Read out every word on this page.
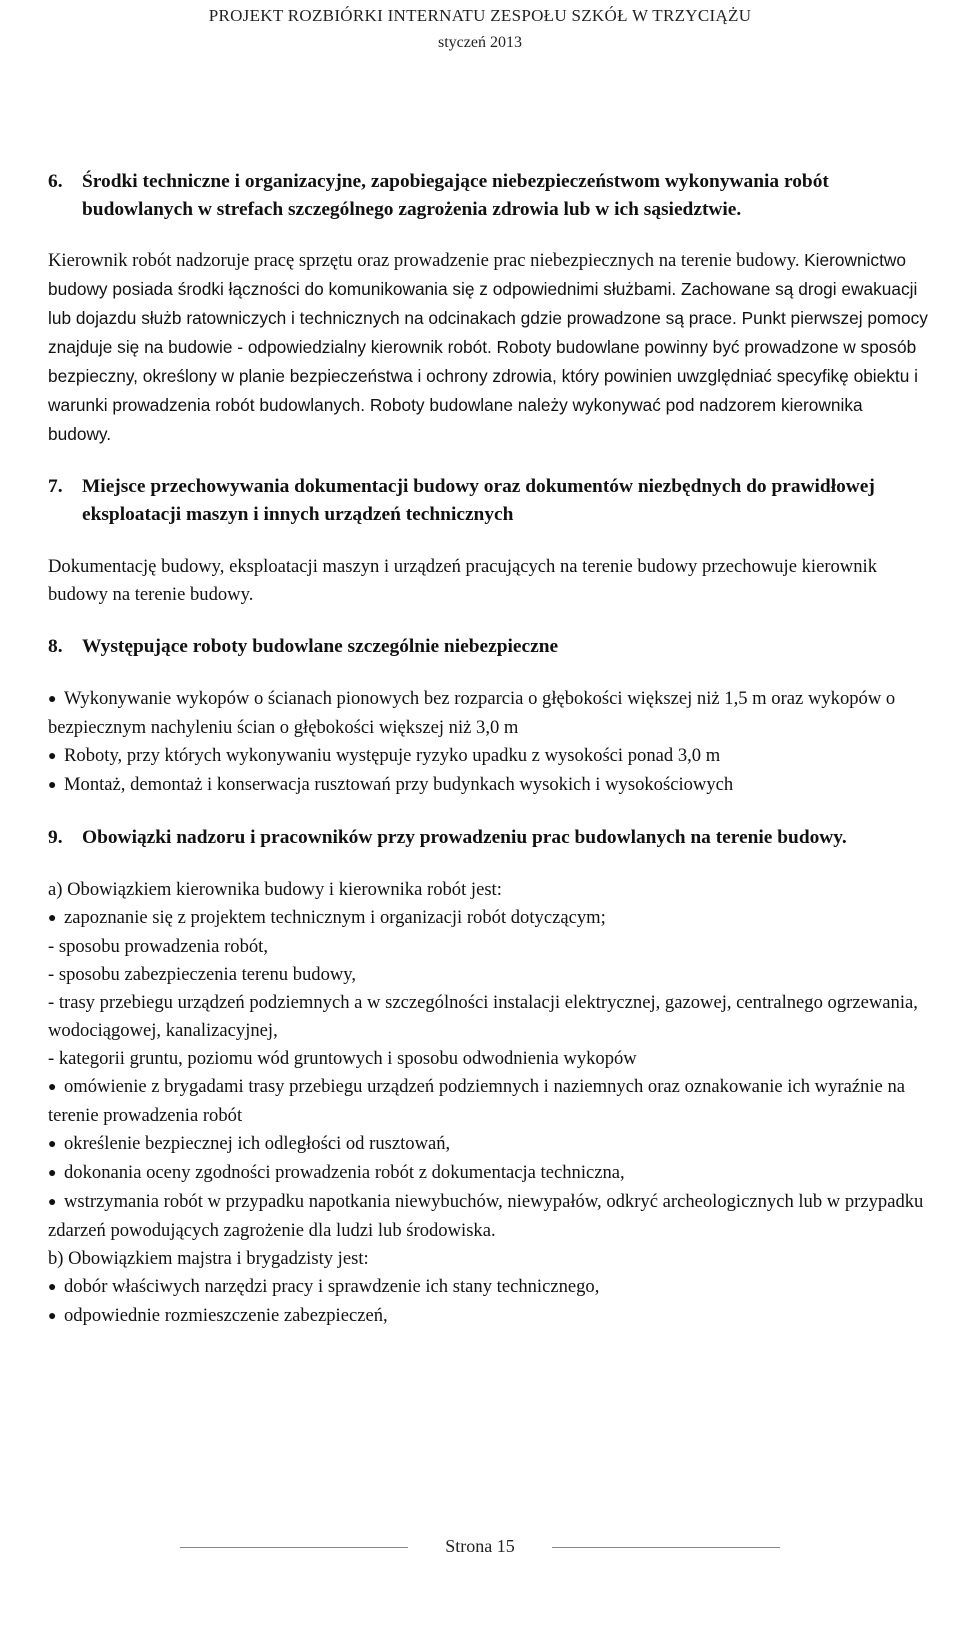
PROJEKT ROZBIÓRKI INTERNATU ZESPOŁU SZKÓŁ W TRZYCIĄŻU
styczeń 2013
6.	Środki techniczne i organizacyjne, zapobiegające niebezpieczeństwom wykonywania robót budowlanych w strefach szczególnego zagrożenia zdrowia lub w ich sąsiedztwie.

Kierownik robót nadzoruje pracę sprzętu oraz prowadzenie prac niebezpiecznych na terenie budowy. Kierownictwo budowy posiada środki łączności do komunikowania się z odpowiednimi służbami. Zachowane są drogi ewakuacji lub dojazdu służb ratowniczych i technicznych na odcinakach gdzie prowadzone są prace. Punkt pierwszej pomocy znajduje się na budowie - odpowiedzialny kierownik robót. Roboty budowlane powinny być prowadzone w sposób bezpieczny, określony w planie bezpieczeństwa i ochrony zdrowia, który powinien uwzględniać specyfikę obiektu i warunki prowadzenia robót budowlanych. Roboty budowlane należy wykonywać pod nadzorem kierownika budowy.

7.	Miejsce przechowywania dokumentacji budowy oraz dokumentów niezbędnych do prawidłowej eksploatacji maszyn i innych urządzeń technicznych

Dokumentację budowy, eksploatacji maszyn i urządzeń pracujących na terenie budowy przechowuje kierownik budowy na terenie budowy.

8.	Występujące roboty budowlane szczególnie niebezpieczne

● Wykonywanie wykopów o ścianach pionowych bez rozparcia o głębokości większej niż 1,5 m oraz wykopów o bezpiecznym nachyleniu ścian o głębokości większej niż 3,0 m

● Roboty, przy których wykonywaniu występuje ryzyko upadku z wysokości ponad 3,0 m

● Montaż, demontaż i konserwacja rusztowań przy budynkach wysokich i wysokościowych

9.	Obowiązki nadzoru i pracowników przy prowadzeniu prac budowlanych na terenie budowy.

a) Obowiązkiem kierownika budowy i kierownika robót jest:

● zapoznanie się z projektem technicznym i organizacji robót dotyczącym;

- sposobu prowadzenia robót,

- sposobu zabezpieczenia terenu budowy,

- trasy przebiegu urządzeń podziemnych a w szczególności instalacji elektrycznej, gazowej, centralnego ogrzewania, wodociągowej, kanalizacyjnej,

- kategorii gruntu, poziomu wód gruntowych i sposobu odwodnienia wykopów

● omówienie z brygadami trasy przebiegu urządzeń podziemnych i naziemnych oraz oznakowanie ich wyraźnie na terenie prowadzenia robót

● określenie bezpiecznej ich odległości od rusztowań,

● dokonania oceny zgodności prowadzenia robót z dokumentacja techniczna,

● wstrzymania robót w przypadku napotkania niewybuchów, niewypałów, odkryć archeologicznych lub w przypadku zdarzeń powodujących zagrożenie dla ludzi lub środowiska.

b) Obowiązkiem majstra i brygadzisty jest:

● dobór właściwych narzędzi pracy i sprawdzenie ich stany technicznego,

● odpowiednie rozmieszczenie zabezpieczeń,

Strona 15
